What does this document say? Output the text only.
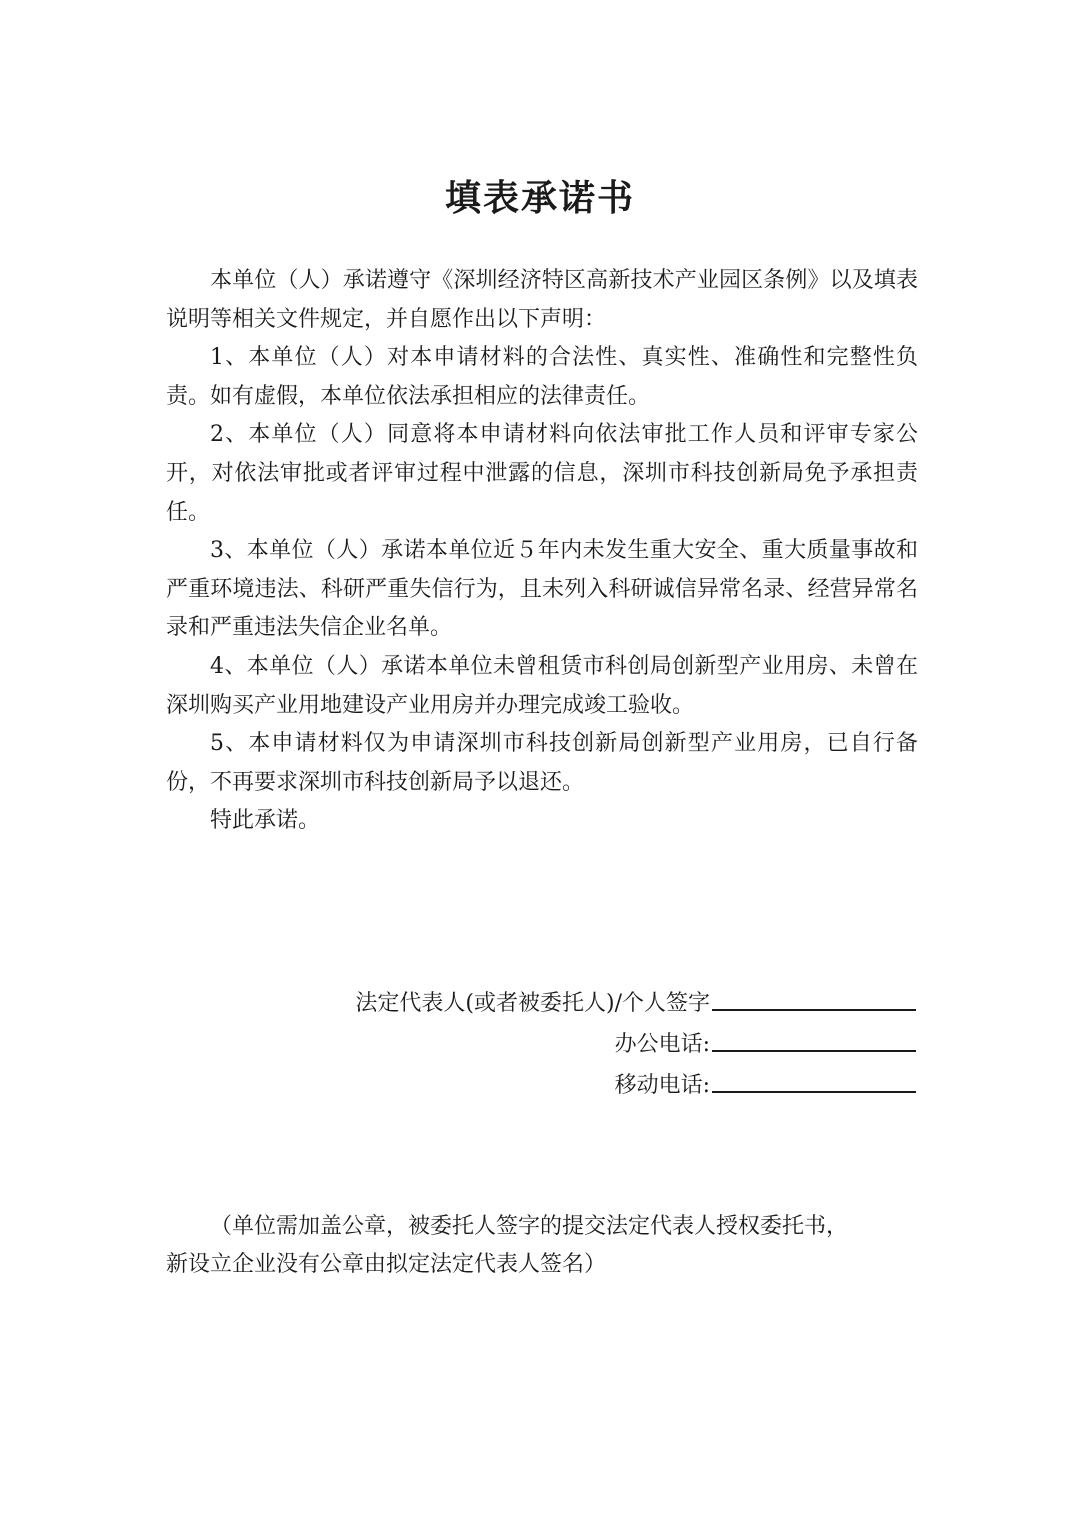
填表承诺书

本单位（人）承诺遵守《深圳经济特区高新技术产业园区条例》以及填表说明等相关文件规定，并自愿作出以下声明：

1、本单位（人）对本申请材料的合法性、真实性、准确性和完整性负责。如有虚假，本单位依法承担相应的法律责任。

2、本单位（人）同意将本申请材料向依法审批工作人员和评审专家公开，对依法审批或者评审过程中泄露的信息，深圳市科技创新局免予承担责任。

3、本单位（人）承诺本单位近５年内未发生重大安全、重大质量事故和严重环境违法、科研严重失信行为，且未列入科研诚信异常名录、经营异常名录和严重违法失信企业名单。

4、本单位（人）承诺本单位未曾租赁市科创局创新型产业用房、未曾在深圳购买产业用地建设产业用房并办理完成竣工验收。

5、本申请材料仅为申请深圳市科技创新局创新型产业用房，已自行备份，不再要求深圳市科技创新局予以退还。

特此承诺。

法定代表人(或者被委托人)/个人签字
办公电话:
移动电话:

（单位需加盖公章，被委托人签字的提交法定代表人授权委托书，

新设立企业没有公章由拟定法定代表人签名）
